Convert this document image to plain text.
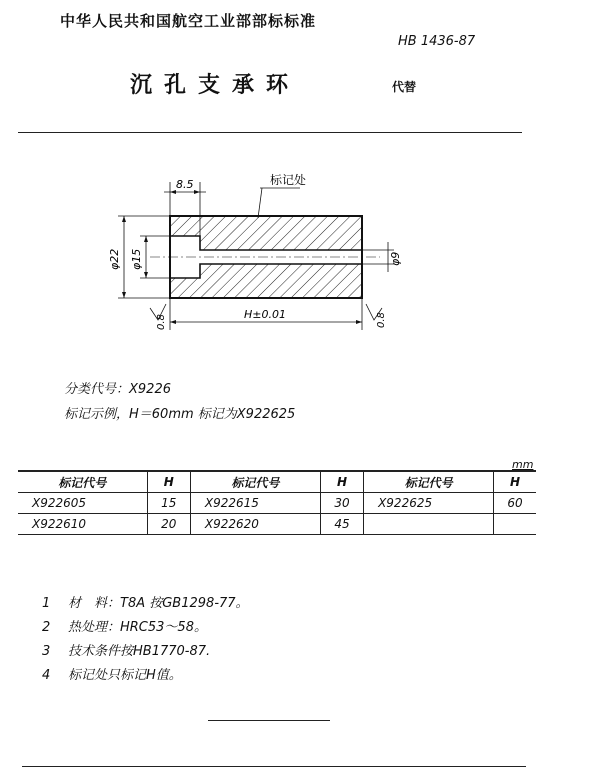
中华人民共和国航空工业部部标标准
HB 1436-87
沉孔支承环	代替
8.5	标记处
φ22 φ15	φ9
H±0.01
0.8	0.8
分类代号：X9226
标记示例，H＝60mm 标记为X922625
mm
标记代号	H	标记代号	H	标记代号	H
X922605	15	X922615	30	X922625	60
X922610	20	X922620	45		
1 材　料：T8A 按GB1298-77。
2 热处理：HRC53～58。
3 技术条件按HB1770-87.
4 标记处只标记H值。
